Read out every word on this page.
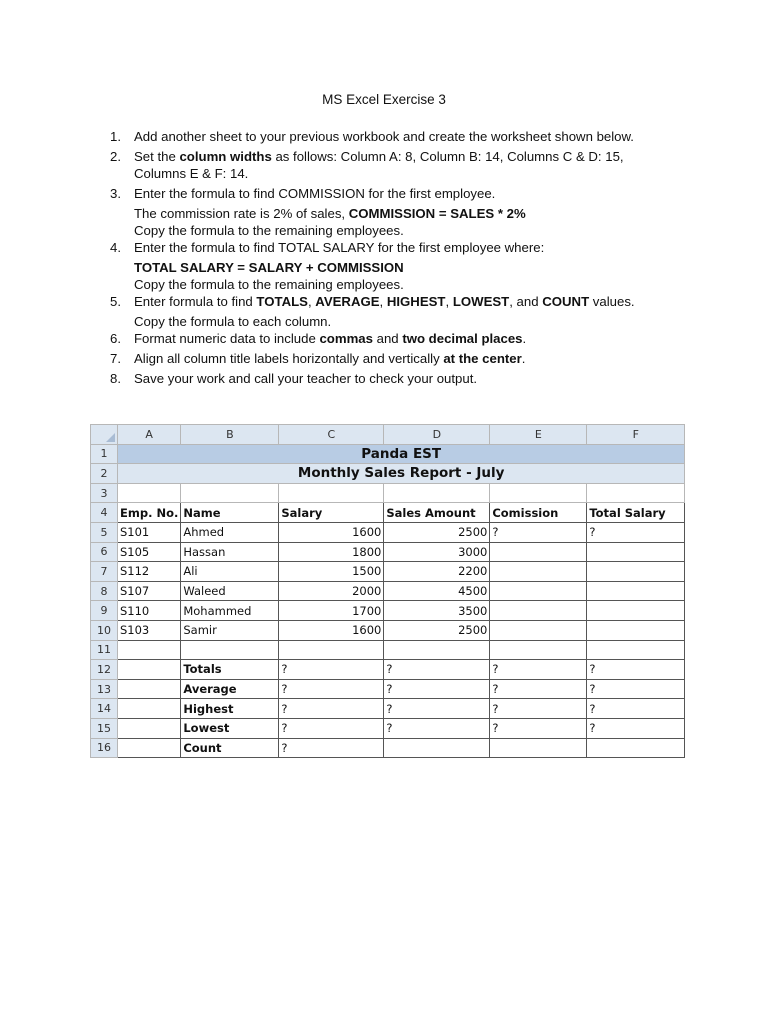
MS Excel Exercise 3
1. Add another sheet to your previous workbook and create the worksheet shown below.
2. Set the column widths as follows: Column A: 8, Column B: 14, Columns C & D: 15,
Columns E & F: 14.
3. Enter the formula to find COMMISSION for the first employee.
The commission rate is 2% of sales, COMMISSION = SALES * 2%
Copy the formula to the remaining employees.
4. Enter the formula to find TOTAL SALARY for the first employee where:
TOTAL SALARY = SALARY + COMMISSION
Copy the formula to the remaining employees.
5. Enter formula to find TOTALS, AVERAGE, HIGHEST, LOWEST, and COUNT values.
Copy the formula to each column.
6. Format numeric data to include commas and two decimal places.
7. Align all column title labels horizontally and vertically at the center.
8. Save your work and call your teacher to check your output.
	A	B	C	D	E	F
1	Panda EST					
2	Monthly Sales Report - July					
3						
4	Emp. No.	Name	Salary	Sales Amount	Comission	Total Salary
5	S101	Ahmed	1600	2500	?	?
6	S105	Hassan	1800	3000		
7	S112	Ali	1500	2200		
8	S107	Waleed	2000	4500		
9	S110	Mohammed	1700	3500		
10	S103	Samir	1600	2500		
11						
12		Totals	?	?	?	?
13		Average	?	?	?	?
14		Highest	?	?	?	?
15		Lowest	?	?	?	?
16		Count	?			
